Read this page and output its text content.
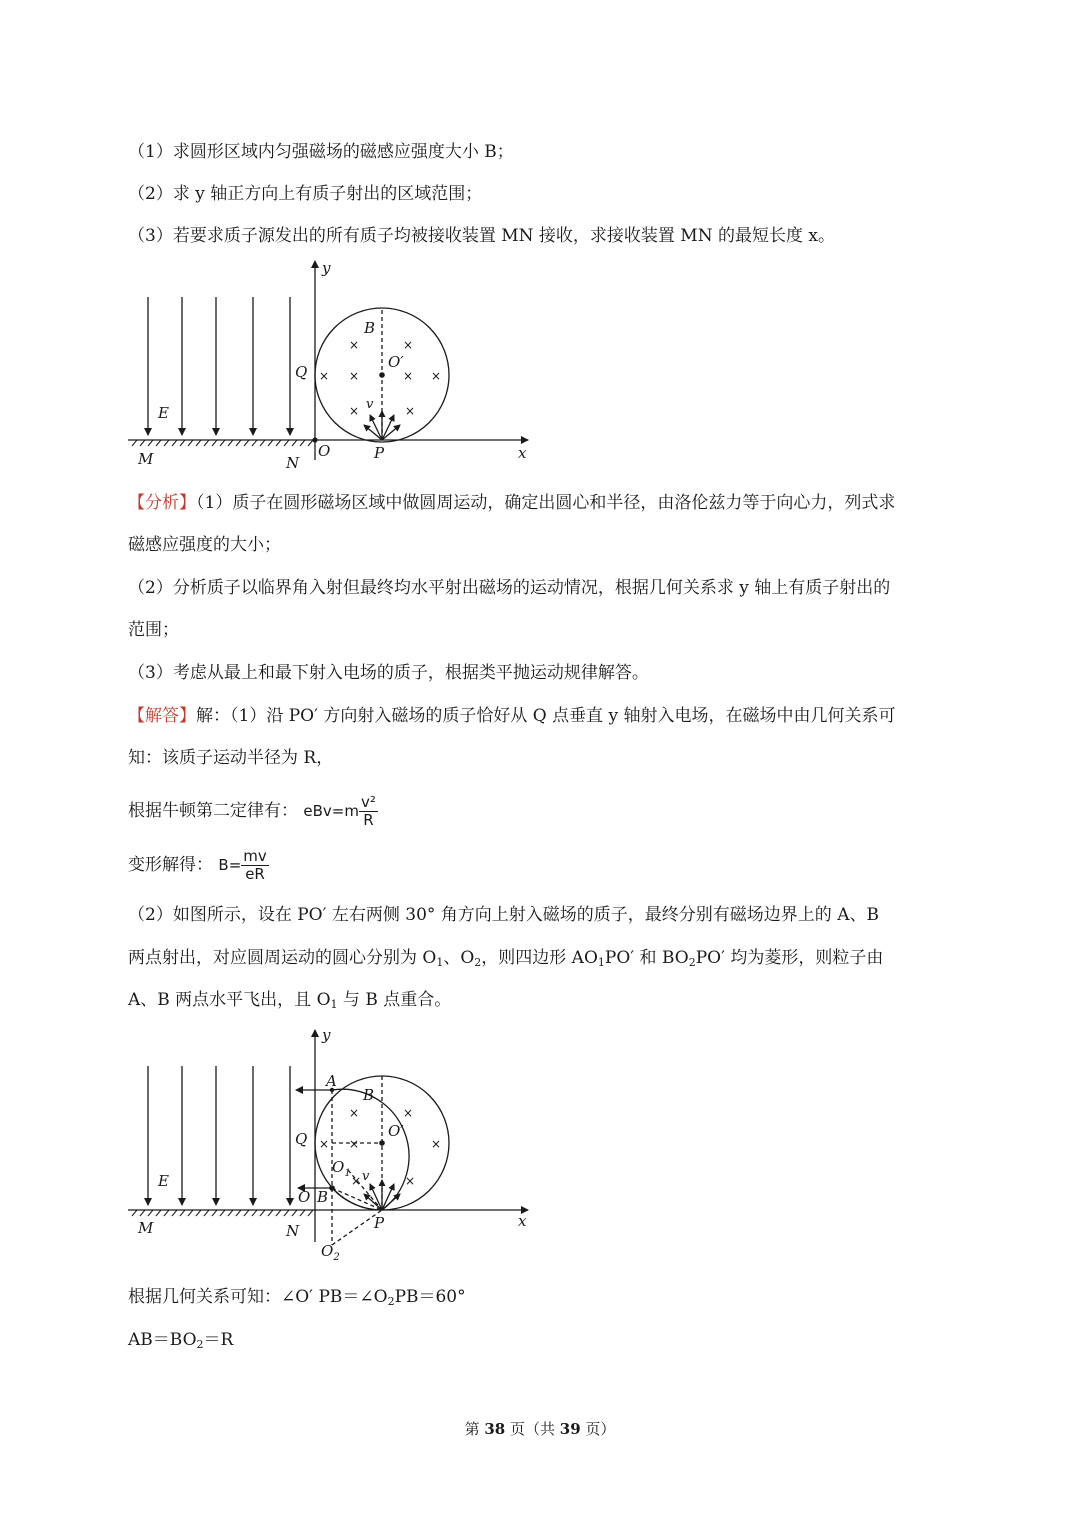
（1）求圆形区域内匀强磁场的磁感应强度大小 B；
（2）求 y 轴正方向上有质子射出的区域范围；
（3）若要求质子源发出的所有质子均被接收装置 MN 接收，求接收装置 MN 的最短长度 x。
y
x
E
M	N
O	P
Q
B
O′
v
×	×
× ×	× ×
×	×
【分析】（1）质子在圆形磁场区域中做圆周运动，确定出圆心和半径，由洛伦兹力等于向心力，列式求
磁感应强度的大小；
（2）分析质子以临界角入射但最终均水平射出磁场的运动情况，根据几何关系求 y 轴上有质子射出的
范围；
（3）考虑从最上和最下射入电场的质子，根据类平抛运动规律解答。
【解答】解：（1）沿 PO′ 方向射入磁场的质子恰好从 Q 点垂直 y 轴射入电场，在磁场中由几何关系可
知：该质子运动半径为 R，
根据牛顿第二定律有： $eBv=m \frac{\text{v²}}{R}$
变形解得： $B= \frac{mv}{eR}$
（2）如图所示，设在 PO′ 左右两侧 30° 角方向上射入磁场的质子，最终分别有磁场边界上的 A、B
两点射出，对应圆周运动的圆心分别为 $O_1$、$O_2$，则四边形 $AO_1PO'$ 和 $BO_2PO'$ 均为菱形，则粒子由
A、B 两点水平飞出，且 $O_1$ 与 B 点重合。
y
x
E
M	N
O
P
Q
A
B
B
O′
$O_1$
$O_2$
v
×	×
× ×	×
×	×
根据几何关系可知：∠O′ $PB=\angle O_2PB=60^\circ$
$AB=BO_2=R$
第 38 页（共 39 页）
